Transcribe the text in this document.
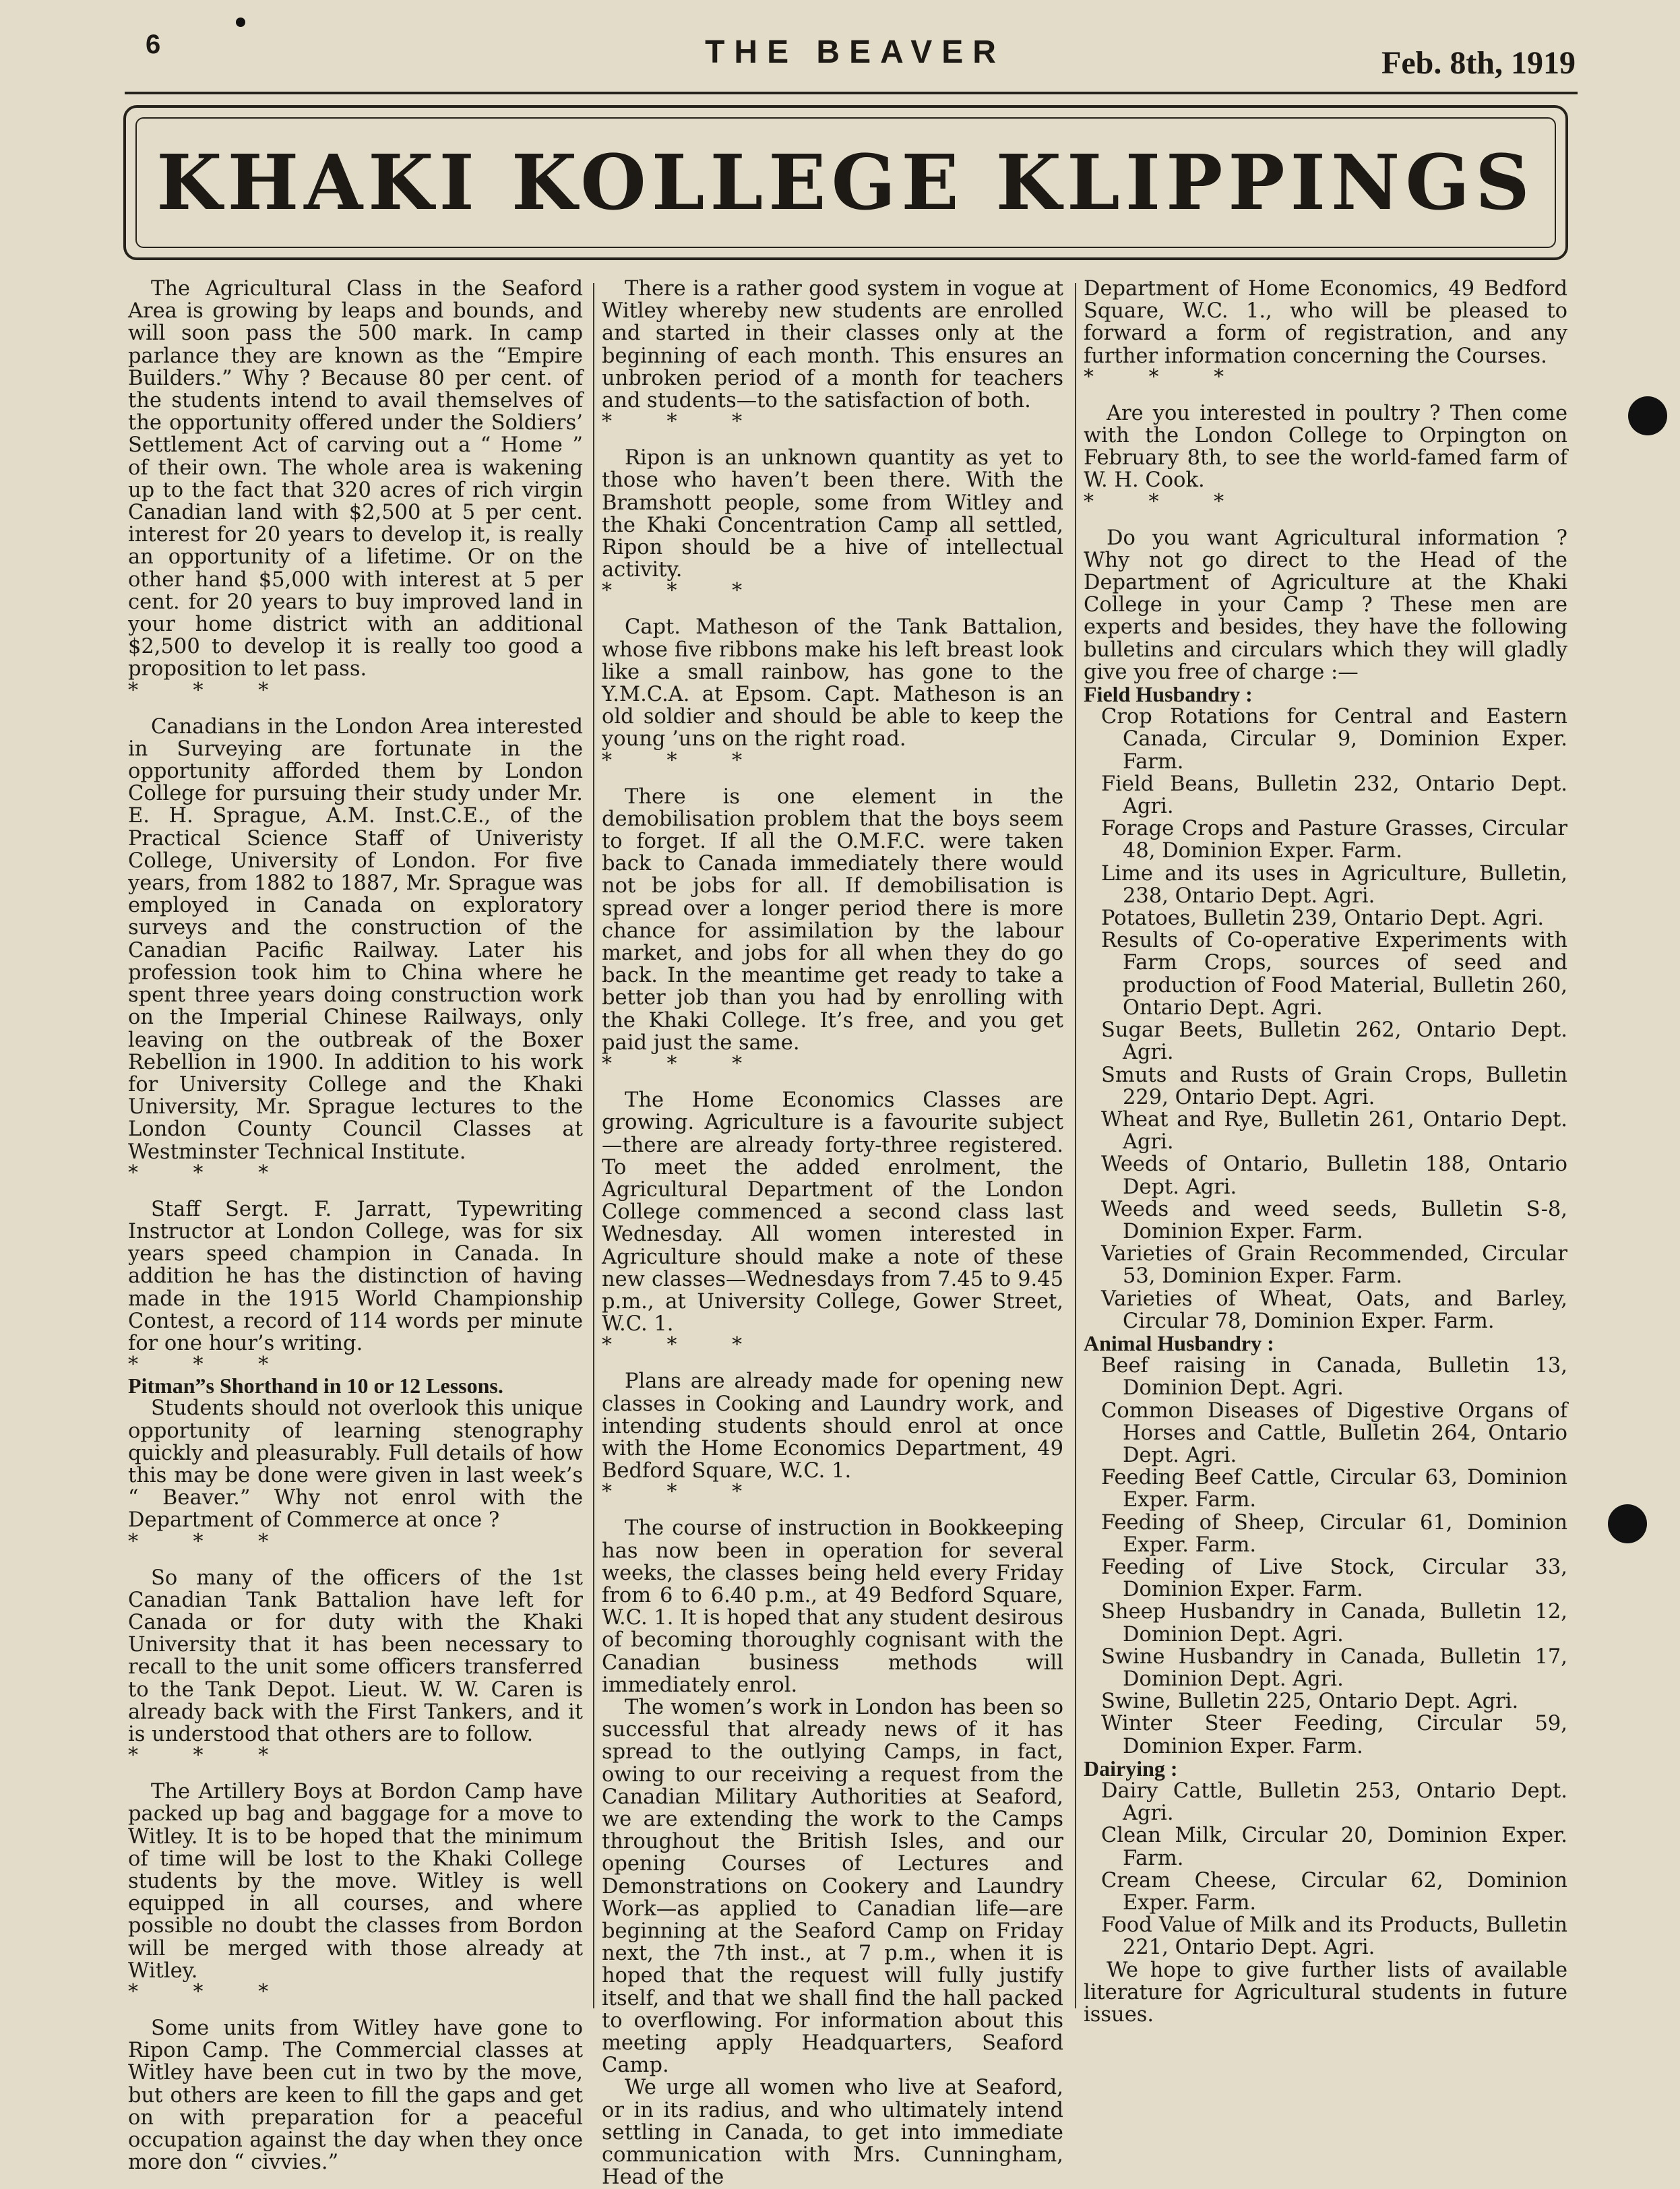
6	THE BEAVER	Feb. 8th, 1919
KHAKI KOLLEGE KLIPPINGS

The Agricultural Class in the Seaford Area is growing by leaps and bounds, and will soon pass the 500 mark. In camp parlance they are known as the “Empire Builders.” Why ? Because 80 per cent. of the students intend to avail themselves of the opportunity offered under the Soldiers’ Settlement Act of carving out a “ Home ” of their own. The whole area is wakening up to the fact that 320 acres of rich virgin Canadian land with $2,500 at 5 per cent. interest for 20 years to develop it, is really an opportunity of a lifetime. Or on the other hand $5,000 with interest at 5 per cent. for 20 years to buy improved land in your home district with an additional $2,500 to develop it is really too good a proposition to let pass.

* * *

Canadians in the London Area interested in Surveying are fortunate in the opportunity afforded them by London College for pursuing their study under Mr. E. H. Sprague, A.M. Inst.C.E., of the Practical Science Staff of Univeristy College, University of London. For five years, from 1882 to 1887, Mr. Sprague was employed in Canada on exploratory surveys and the construction of the Canadian Pacific Railway. Later his profession took him to China where he spent three years doing construction work on the Imperial Chinese Railways, only leaving on the outbreak of the Boxer Rebellion in 1900. In addition to his work for University College and the Khaki University, Mr. Sprague lectures to the London County Council Classes at Westminster Technical Institute.

* * *

Staff Sergt. F. Jarratt, Typewriting Instructor at London College, was for six years speed champion in Canada. In addition he has the distinction of having made in the 1915 World Championship Contest, a record of 114 words per minute for one hour’s writing.

* * *

Pitman”s Shorthand in 10 or 12 Lessons.

Students should not overlook this unique opportunity of learning stenography quickly and pleasurably. Full details of how this may be done were given in last week’s “ Beaver.” Why not enrol with the Department of Commerce at once ?

* * *

So many of the officers of the 1st Canadian Tank Battalion have left for Canada or for duty with the Khaki University that it has been necessary to recall to the unit some officers transferred to the Tank Depot. Lieut. W. W. Caren is already back with the First Tankers, and it is understood that others are to follow.

* * *

The Artillery Boys at Bordon Camp have packed up bag and baggage for a move to Witley. It is to be hoped that the minimum of time will be lost to the Khaki College students by the move. Witley is well equipped in all courses, and where possible no doubt the classes from Bordon will be merged with those already at Witley.

* * *

Some units from Witley have gone to Ripon Camp. The Commercial classes at Witley have been cut in two by the move, but others are keen to fill the gaps and get on with preparation for a peaceful occupation against the day when they once more don “ civvies.”

There is a rather good system in vogue at Witley whereby new students are enrolled and started in their classes only at the beginning of each month. This ensures an unbroken period of a month for teachers and students—to the satisfaction of both.

* * *

Ripon is an unknown quantity as yet to those who haven’t been there. With the Bramshott people, some from Witley and the Khaki Concentration Camp all settled, Ripon should be a hive of intellectual activity.

* * *

Capt. Matheson of the Tank Battalion, whose five ribbons make his left breast look like a small rainbow, has gone to the Y.M.C.A. at Epsom. Capt. Matheson is an old soldier and should be able to keep the young ’uns on the right road.

* * *

There is one element in the demobilisation problem that the boys seem to forget. If all the O.M.F.C. were taken back to Canada immediately there would not be jobs for all. If demobilisation is spread over a longer period there is more chance for assimilation by the labour market, and jobs for all when they do go back. In the meantime get ready to take a better job than you had by enrolling with the Khaki College. It’s free, and you get paid just the same.

* * *

The Home Economics Classes are growing. Agriculture is a favourite subject—there are already forty-three registered. To meet the added enrolment, the Agricultural Department of the London College commenced a second class last Wednesday. All women interested in Agriculture should make a note of these new classes—Wednesdays from 7.45 to 9.45 p.m., at University College, Gower Street, W.C. 1.

* * *

Plans are already made for opening new classes in Cooking and Laundry work, and intending students should enrol at once with the Home Economics Department, 49 Bedford Square, W.C. 1.

* * *

The course of instruction in Bookkeeping has now been in operation for several weeks, the classes being held every Friday from 6 to 6.40 p.m., at 49 Bedford Square, W.C. 1. It is hoped that any student desirous of becoming thoroughly cognisant with the Canadian business methods will immediately enrol.

The women’s work in London has been so successful that already news of it has spread to the outlying Camps, in fact, owing to our receiving a request from the Canadian Military Authorities at Seaford, we are extending the work to the Camps throughout the British Isles, and our opening Courses of Lectures and Demonstrations on Cookery and Laundry Work—as applied to Canadian life—are beginning at the Seaford Camp on Friday next, the 7th inst., at 7 p.m., when it is hoped that the request will fully justify itself, and that we shall find the hall packed to overflowing. For information about this meeting apply Headquarters, Seaford Camp.

We urge all women who live at Seaford, or in its radius, and who ultimately intend settling in Canada, to get into immediate communication with Mrs. Cunningham, Head of the

Department of Home Economics, 49 Bedford Square, W.C. 1., who will be pleased to forward a form of registration, and any further information concerning the Courses.

* * *

Are you interested in poultry ? Then come with the London College to Orpington on February 8th, to see the world-famed farm of W. H. Cook.

* * *

Do you want Agricultural information ? Why not go direct to the Head of the Department of Agriculture at the Khaki College in your Camp ? These men are experts and besides, they have the following bulletins and circulars which they will gladly give you free of charge :—

Field Husbandry :

Crop Rotations for Central and Eastern Canada, Circular 9, Dominion Exper. Farm.

Field Beans, Bulletin 232, Ontario Dept. Agri.

Forage Crops and Pasture Grasses, Circular 48, Dominion Exper. Farm.

Lime and its uses in Agriculture, Bulletin, 238, Ontario Dept. Agri.

Potatoes, Bulletin 239, Ontario Dept. Agri.

Results of Co-operative Experiments with Farm Crops, sources of seed and production of Food Material, Bulletin 260, Ontario Dept. Agri.

Sugar Beets, Bulletin 262, Ontario Dept. Agri.

Smuts and Rusts of Grain Crops, Bulletin 229, Ontario Dept. Agri.

Wheat and Rye, Bulletin 261, Ontario Dept. Agri.

Weeds of Ontario, Bulletin 188, Ontario Dept. Agri.

Weeds and weed seeds, Bulletin S-8, Dominion Exper. Farm.

Varieties of Grain Recommended, Circular 53, Dominion Exper. Farm.

Varieties of Wheat, Oats, and Barley, Circular 78, Dominion Exper. Farm.

Animal Husbandry :

Beef raising in Canada, Bulletin 13, Dominion Dept. Agri.

Common Diseases of Digestive Organs of Horses and Cattle, Bulletin 264, Ontario Dept. Agri.

Feeding Beef Cattle, Circular 63, Dominion Exper. Farm.

Feeding of Sheep, Circular 61, Dominion Exper. Farm.

Feeding of Live Stock, Circular 33, Dominion Exper. Farm.

Sheep Husbandry in Canada, Bulletin 12, Dominion Dept. Agri.

Swine Husbandry in Canada, Bulletin 17, Dominion Dept. Agri.

Swine, Bulletin 225, Ontario Dept. Agri.

Winter Steer Feeding, Circular 59, Dominion Exper. Farm.

Dairying :

Dairy Cattle, Bulletin 253, Ontario Dept. Agri.

Clean Milk, Circular 20, Dominion Exper. Farm.

Cream Cheese, Circular 62, Dominion Exper. Farm.

Food Value of Milk and its Products, Bulletin 221, Ontario Dept. Agri.

We hope to give further lists of available literature for Agricultural students in future issues.
